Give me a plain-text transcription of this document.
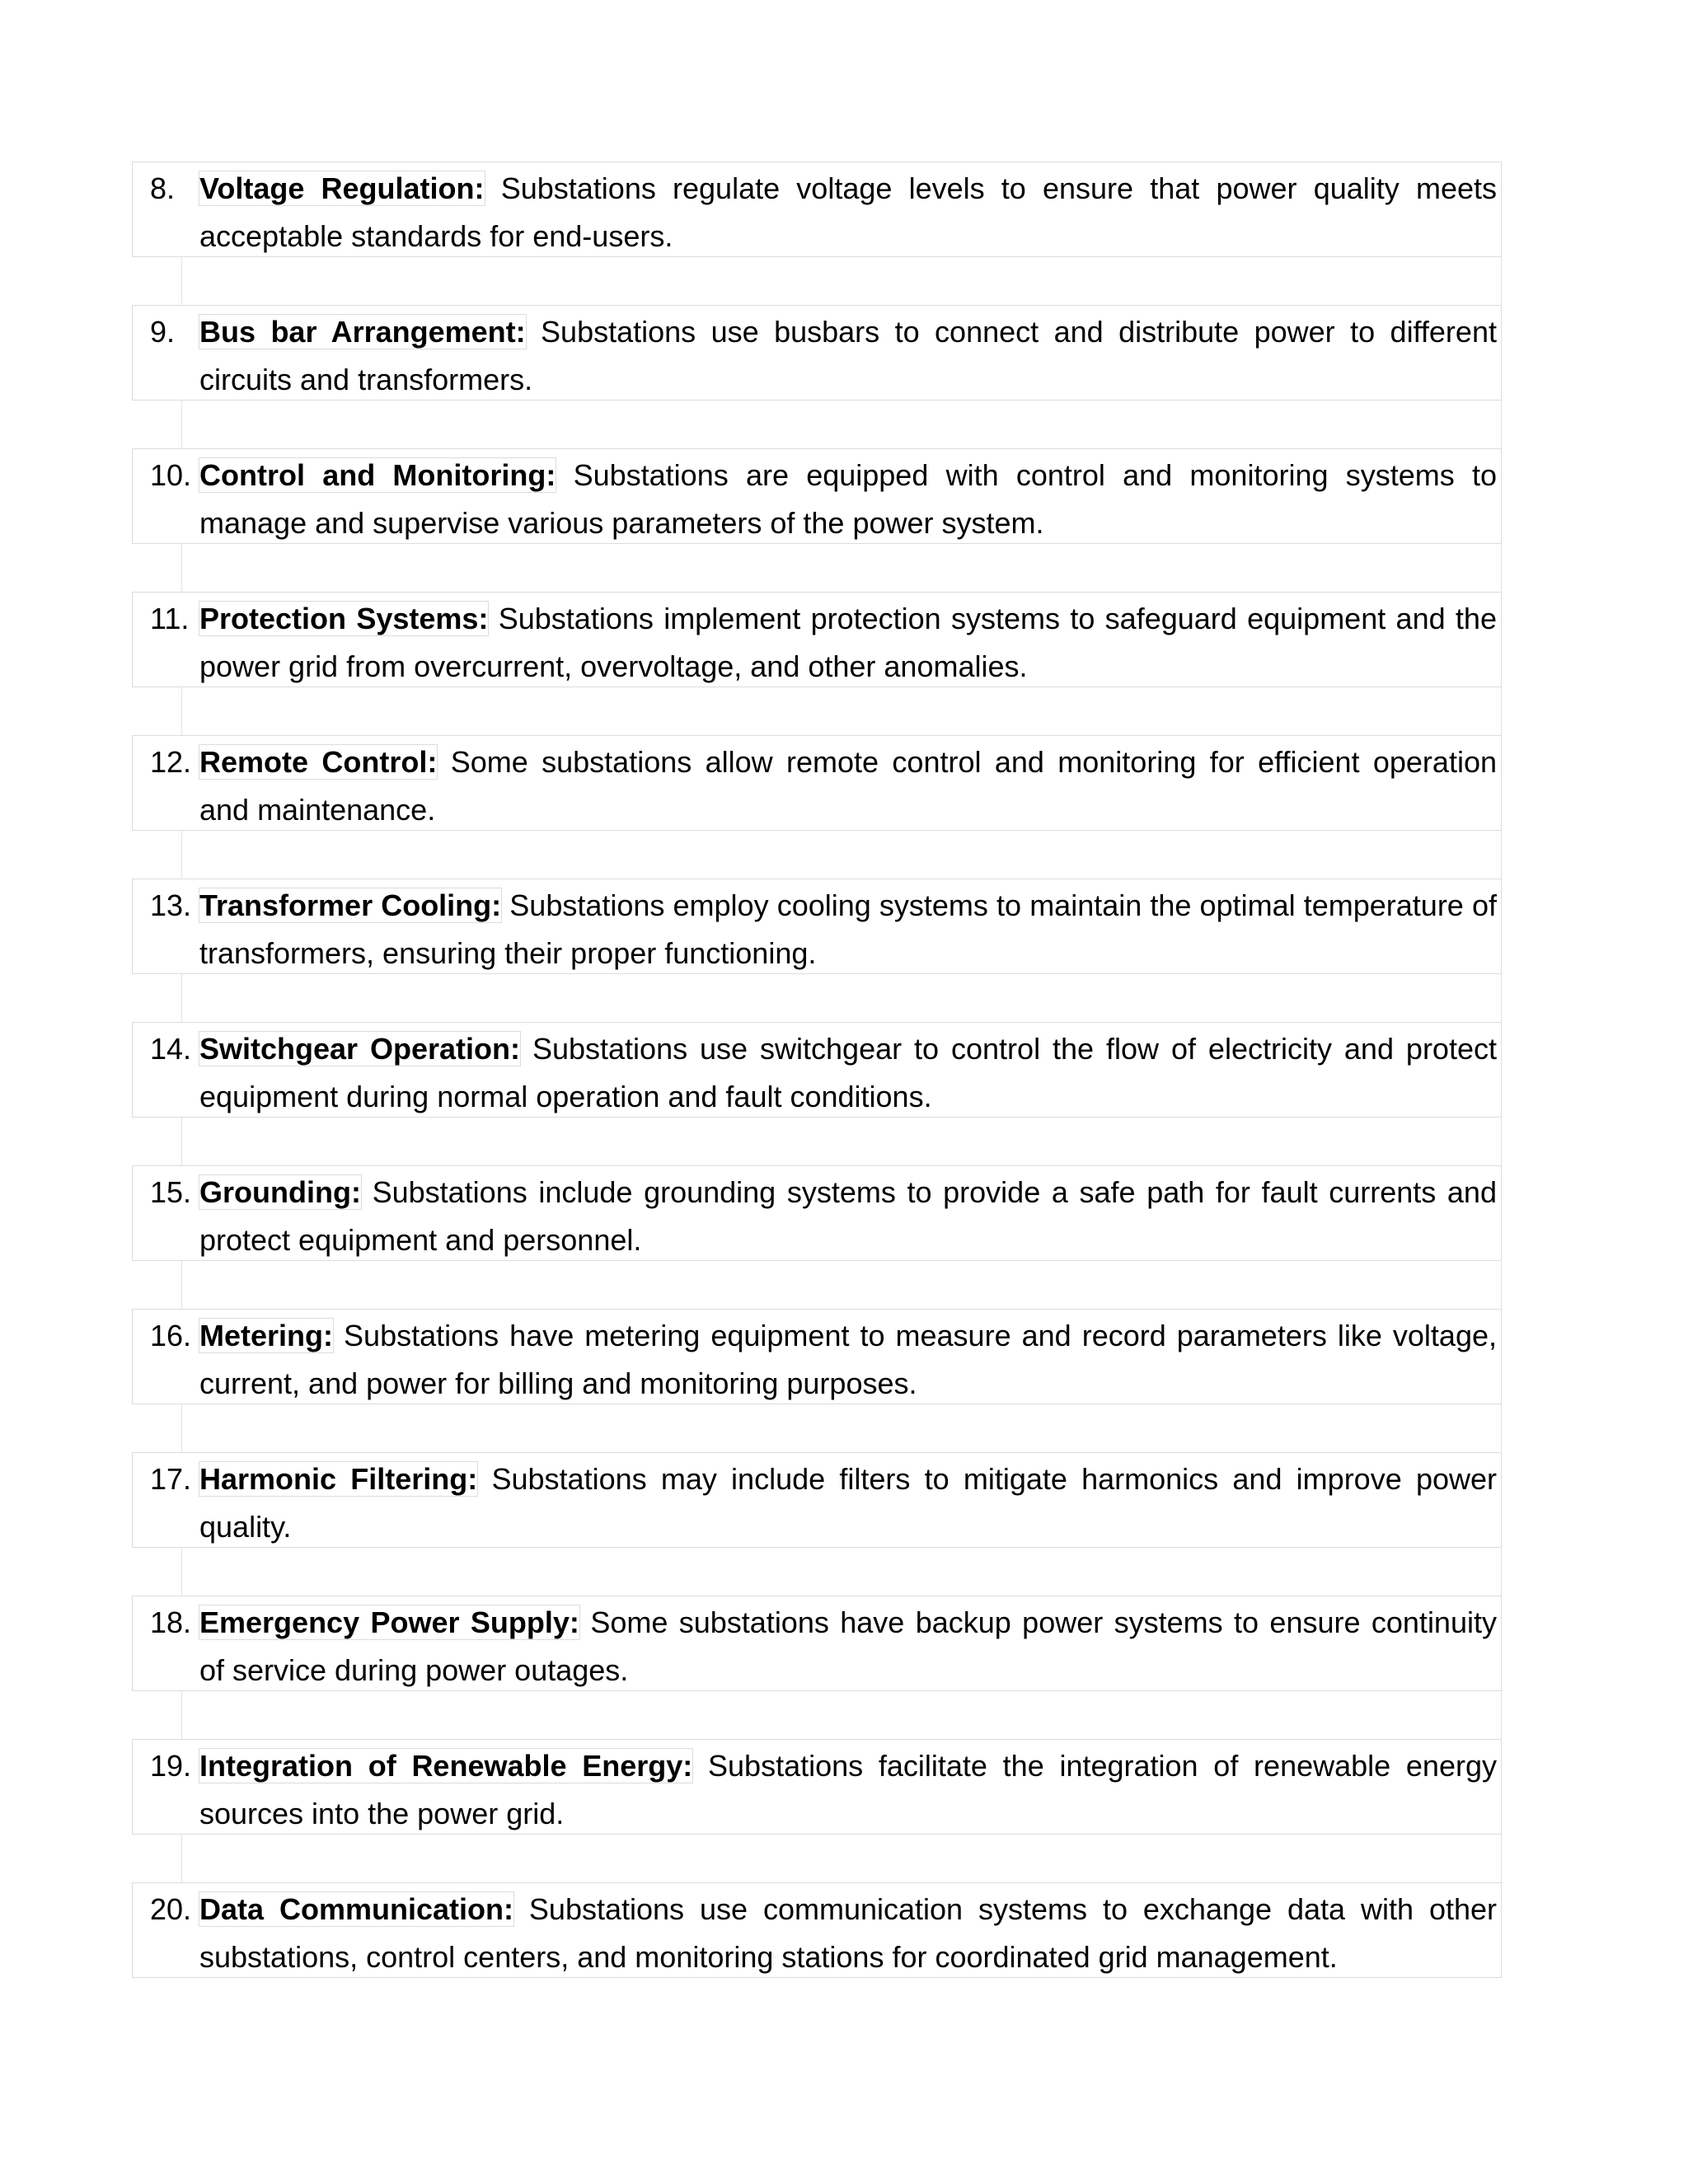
8. Voltage Regulation: Substations regulate voltage levels to ensure that power quality meets acceptable standards for end-users.
9. Bus bar Arrangement: Substations use busbars to connect and distribute power to different circuits and transformers.
10. Control and Monitoring: Substations are equipped with control and monitoring systems to manage and supervise various parameters of the power system.
11. Protection Systems: Substations implement protection systems to safeguard equipment and the power grid from overcurrent, overvoltage, and other anomalies.
12. Remote Control: Some substations allow remote control and monitoring for efficient operation and maintenance.
13. Transformer Cooling: Substations employ cooling systems to maintain the optimal temperature of transformers, ensuring their proper functioning.
14. Switchgear Operation: Substations use switchgear to control the flow of electricity and protect equipment during normal operation and fault conditions.
15. Grounding: Substations include grounding systems to provide a safe path for fault currents and protect equipment and personnel.
16. Metering: Substations have metering equipment to measure and record parameters like voltage, current, and power for billing and monitoring purposes.
17. Harmonic Filtering: Substations may include filters to mitigate harmonics and improve power quality.
18. Emergency Power Supply: Some substations have backup power systems to ensure continuity of service during power outages.
19. Integration of Renewable Energy: Substations facilitate the integration of renewable energy sources into the power grid.
20. Data Communication: Substations use communication systems to exchange data with other substations, control centers, and monitoring stations for coordinated grid management.
